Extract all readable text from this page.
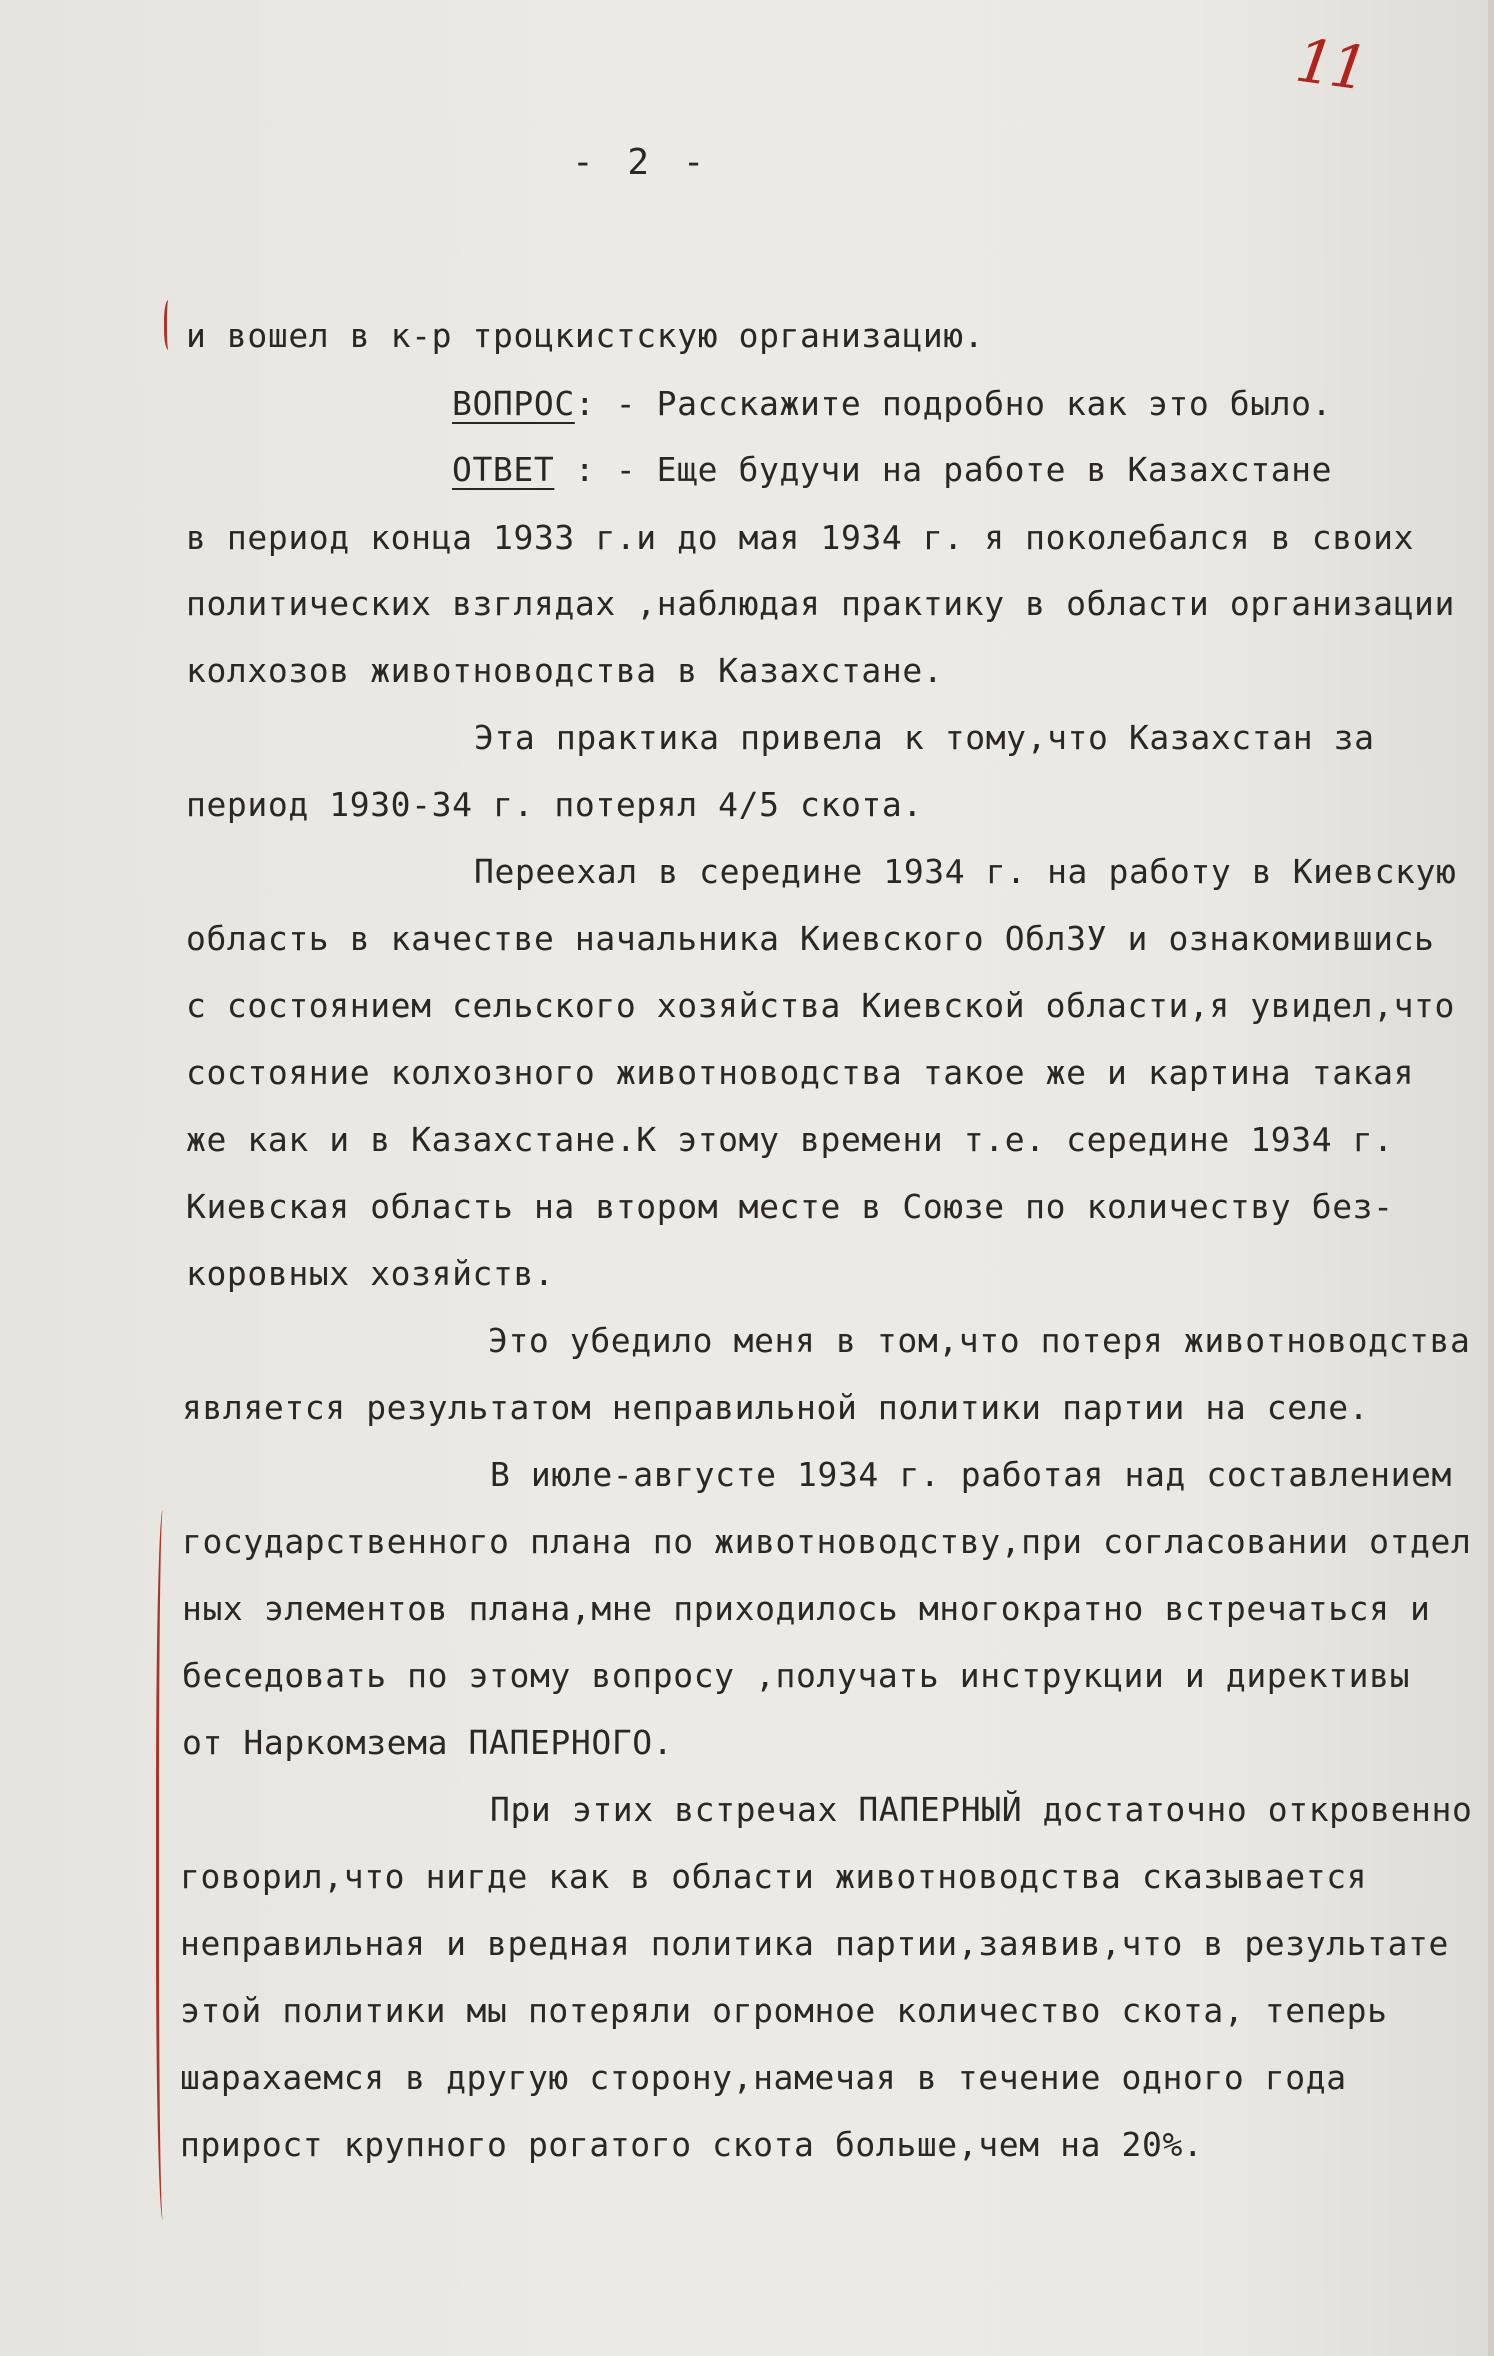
11
- 2 -
и вошел в к-р троцкистскую организацию.
ВОПРОС: - Расскажите подробно как это было.
ОТВЕТ : - Еще будучи на работе в Казахстане
в период конца 1933 г.и до мая 1934 г. я поколебался в своих
политических взглядах ,наблюдая практику в области организации
колхозов животноводства в Казахстане.
Эта практика привела к тому,что Казахстан за
период 1930-34 г. потерял 4/5 скота.
Переехал в середине 1934 г. на работу в Киевскую
область в качестве начальника Киевского ОблЗУ и ознакомившись
с состоянием сельского хозяйства Киевской области,я увидел,что
состояние колхозного животноводства такое же и картина такая
же как и в Казахстане.К этому времени т.е. середине 1934 г.
Киевская область на втором месте в Союзе по количеству без-
коровных хозяйств.
Это убедило меня в том,что потеря животноводства
является результатом неправильной политики партии на селе.
В июле-августе 1934 г. работая над составлением
государственного плана по животноводству,при согласовании отдел
ных элементов плана,мне приходилось многократно встречаться и
беседовать по этому вопросу ,получать инструкции и директивы
от Наркомзема ПАПЕРНОГО.
При этих встречах ПАПЕРНЫЙ достаточно откровенно
говорил,что нигде как в области животноводства сказывается
неправильная и вредная политика партии,заявив,что в результате
этой политики мы потеряли огромное количество скота, теперь
шарахаемся в другую сторону,намечая в течение одного года
прирост крупного рогатого скота больше,чем на 20%.
